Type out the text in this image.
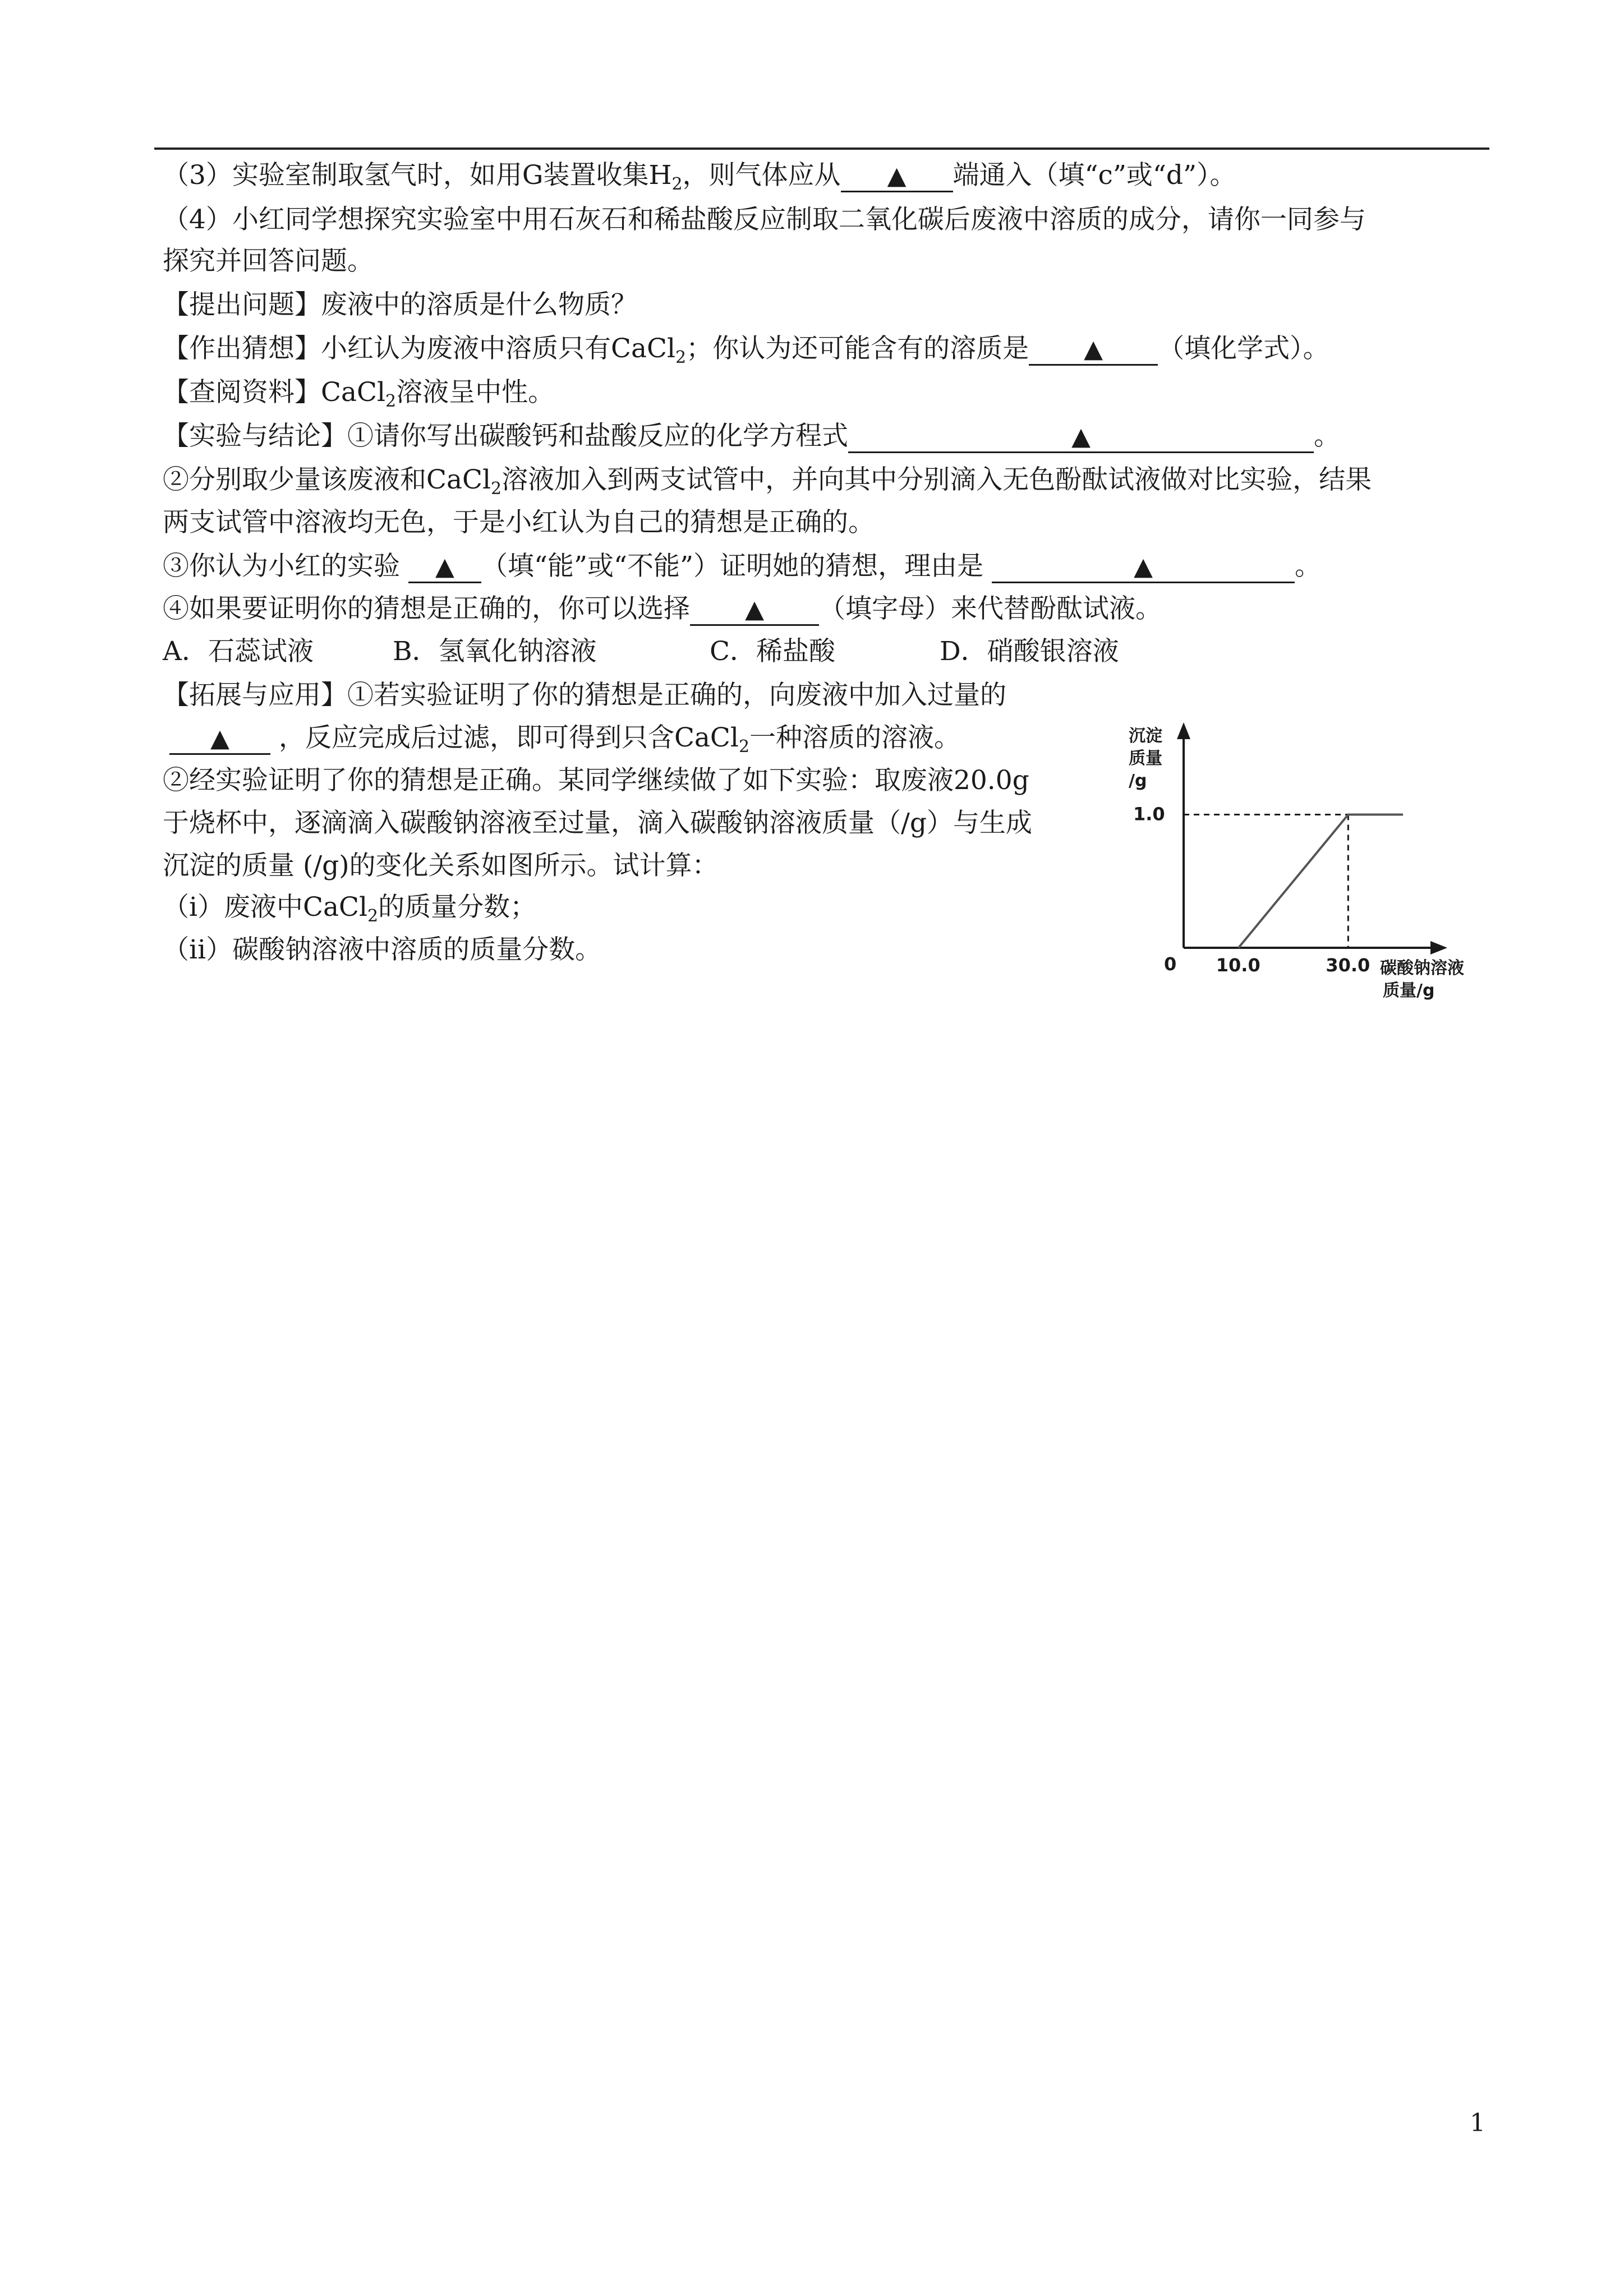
（3）实验室制取氢气时，如用G装置收集$H_2$，则气体应从 ▲ 端通入（填“c”或“d”）。
（4）小红同学想探究实验室中用石灰石和稀盐酸反应制取二氧化碳后废液中溶质的成分，请你一同参与
探究并回答问题。
【提出问题】废液中的溶质是什么物质？
【作出猜想】小红认为废液中溶质只有CaCl$_2$；你认为还可能含有的溶质是 ▲ （填化学式）。
【查阅资料】CaCl$_2$溶液呈中性。
【实验与结论】①请你写出碳酸钙和盐酸反应的化学方程式	▲	。
②分别取少量该废液和CaCl$_2$溶液加入到两支试管中，并向其中分别滴入无色酚酞试液做对比实验，结果
两支试管中溶液均无色，于是小红认为自己的猜想是正确的。
③你认为小红的实验 ▲ （填“能”或“不能”）证明她的猜想，理由是	▲	。
④如果要证明你的猜想是正确的，你可以选择 ▲ （填字母）来代替酚酞试液。
A．石蕊试液	B．氢氧化钠溶液	C．稀盐酸	D．硝酸银溶液
【拓展与应用】①若实验证明了你的猜想是正确的，向废液中加入过量的
▲ ，反应完成后过滤，即可得到只含CaCl$_2$一种溶质的溶液。
②经实验证明了你的猜想是正确。某同学继续做了如下实验：取废液20.0g
于烧杯中，逐滴滴入碳酸钠溶液至过量，滴入碳酸钠溶液质量（/g）与生成
沉淀的质量 (/g)的变化关系如图所示。试计算：
（ⅰ）废液中CaCl$_2$的质量分数；
（ⅱ）碳酸钠溶液中溶质的质量分数。
沉淀
质量
/g
1.0
0 10.0	30.0 碳酸钠溶液
质量/g
1
